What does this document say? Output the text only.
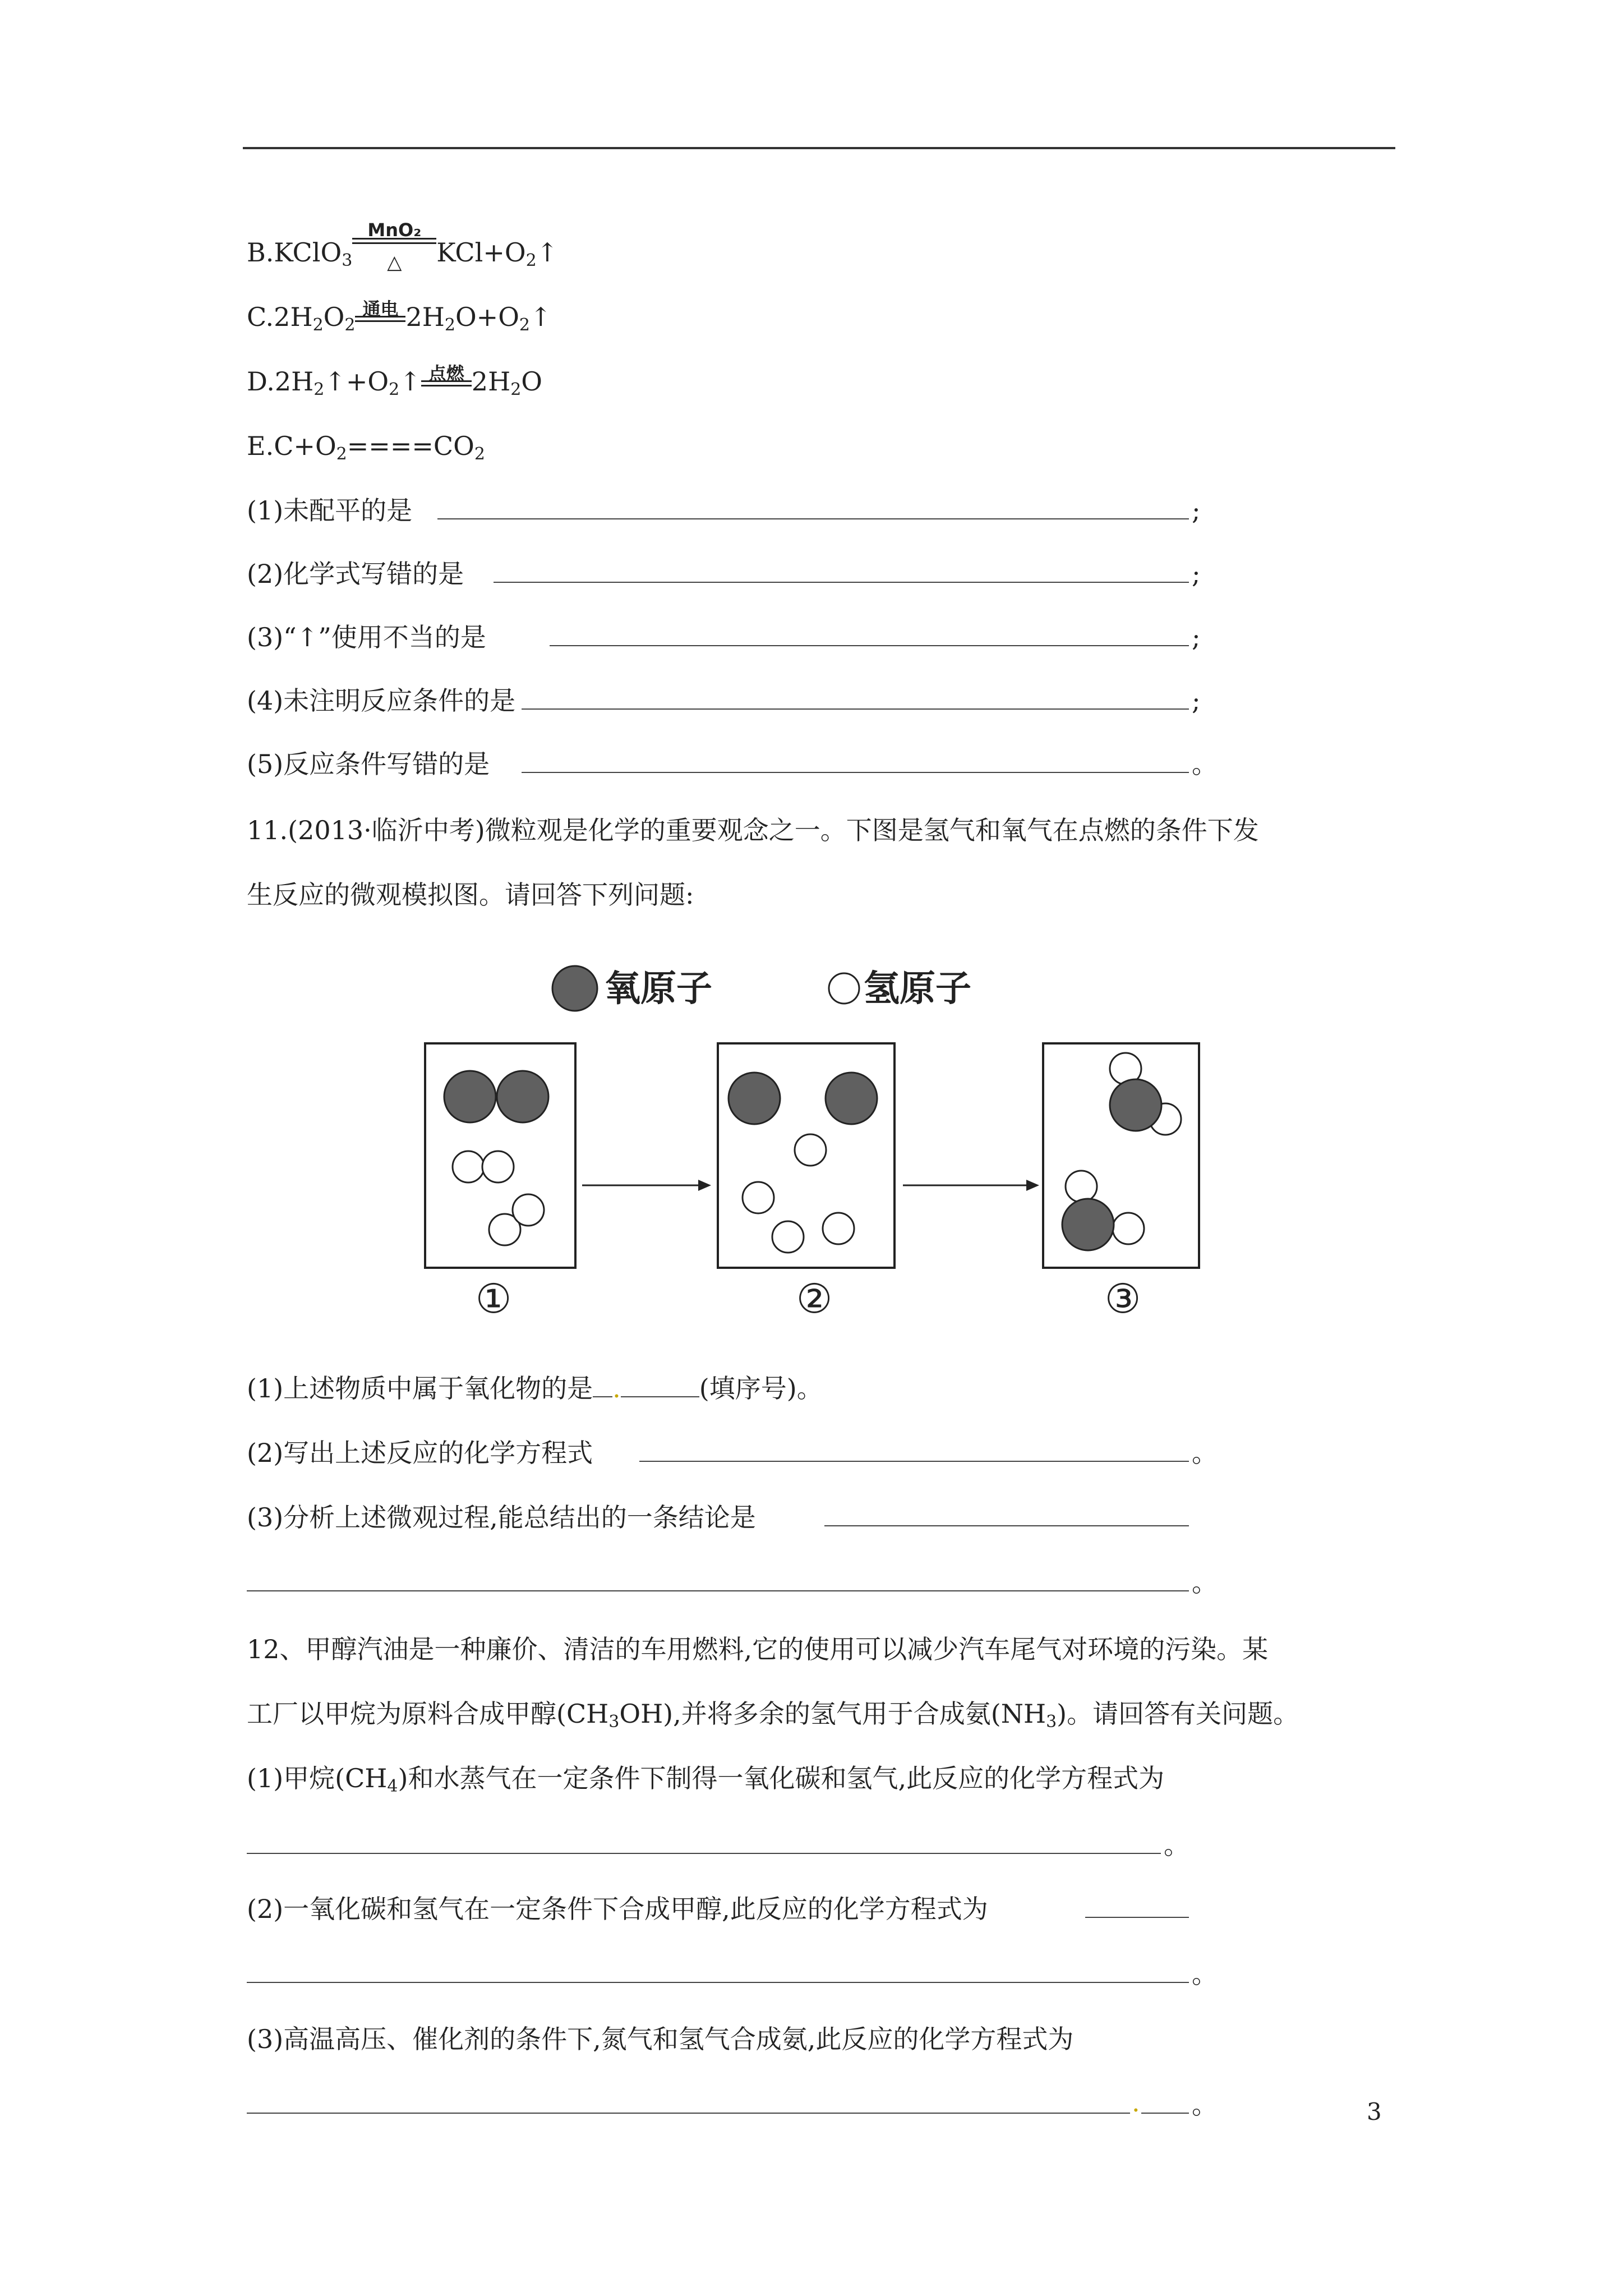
B.KClO$_3$
MnO₂
△	$KCl+O_2↑$
$C.2H_2O_2$
通电 $2H_2O+O_2↑$
$D.2H_2↑+O_2↑$ 点燃 $2H_2O$
$E.C+O_2====CO_2$
(1)未配平的是	;
(2)化学式写错的是	;
(3)“↑”使用不当的是	;
(4)未注明反应条件的是	;
(5)反应条件写错的是	。
11.(2013·临沂中考)微粒观是化学的重要观念之一。下图是氢气和氧气在点燃的条件下发
生反应的微观模拟图。请回答下列问题:
氧原子	氢原子
①	②	③
(1)上述物质中属于氧化物的是 .	(填序号)。
(2)写出上述反应的化学方程式	。
(3)分析上述微观过程,能总结出的一条结论是
。
12、甲醇汽油是一种廉价、清洁的车用燃料,它的使用可以减少汽车尾气对环境的污染。某
工厂以甲烷为原料合成甲醇$(CH_3OH)$,并将多余的氢气用于合成氨$(NH_3)$。请回答有关问题。
(1)甲烷$(CH_4)$和水蒸气在一定条件下制得一氧化碳和氢气,此反应的化学方程式为
。
(2)一氧化碳和氢气在一定条件下合成甲醇,此反应的化学方程式为
。
(3)高温高压、催化剂的条件下,氮气和氢气合成氨,此反应的化学方程式为
. 。	3
